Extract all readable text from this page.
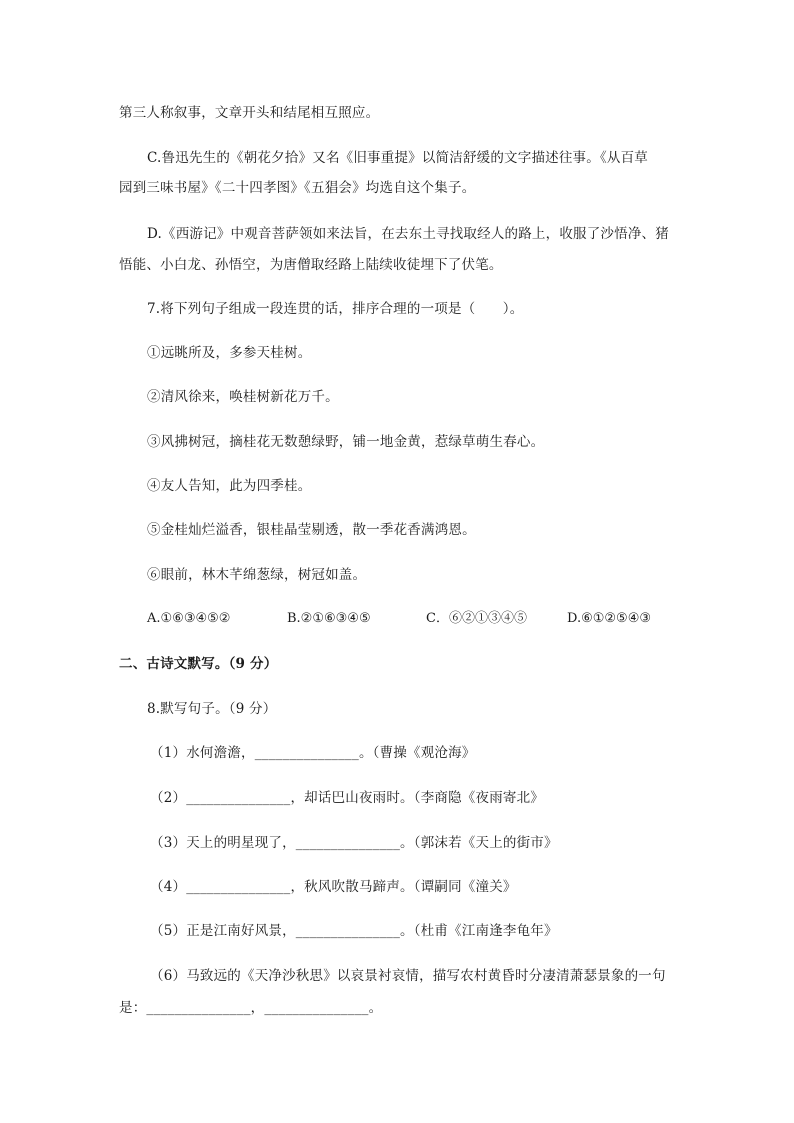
第三人称叙事，文章开头和结尾相互照应。
C.鲁迅先生的《朝花夕拾》又名《旧事重提》以简洁舒缓的文字描述往事。《从百草
园到三味书屋》《二十四孝图》《五猖会》均选自这个集子。
D.《西游记》中观音菩萨领如来法旨，在去东土寻找取经人的路上，收服了沙悟净、猪
悟能、小白龙、孙悟空，为唐僧取经路上陆续收徒埋下了伏笔。
7.将下列句子组成一段连贯的话，排序合理的一项是（　　）。
①远眺所及，多参天桂树。
②清风徐来，唤桂树新花万千。
③风拂树冠，摘桂花无数憩绿野，铺一地金黄，惹绿草萌生春心。
④友人告知，此为四季桂。
⑤金桂灿烂溢香，银桂晶莹剔透，散一季花香满鸿恩。
⑥眼前，林木芊绵葱绿，树冠如盖。
A.①⑥③④⑤②	B.②①⑥③④⑤	C．⑥②①③④⑤	D.⑥①②⑤④③
二、古诗文默写。（9 分）
8.默写句子。（9 分）
（1）水何澹澹，_______________。（曹操《观沧海》
（2）_______________，却话巴山夜雨时。（李商隐《夜雨寄北》
（3）天上的明星现了，_______________。（郭沫若《天上的街市》
（4）_______________，秋风吹散马蹄声。（谭嗣同《潼关》
（5）正是江南好风景，_______________。（杜甫《江南逢李龟年》
（6）马致远的《天净沙秋思》以哀景衬哀情，描写农村黄昏时分凄清萧瑟景象的一句
是：_______________，_______________。
